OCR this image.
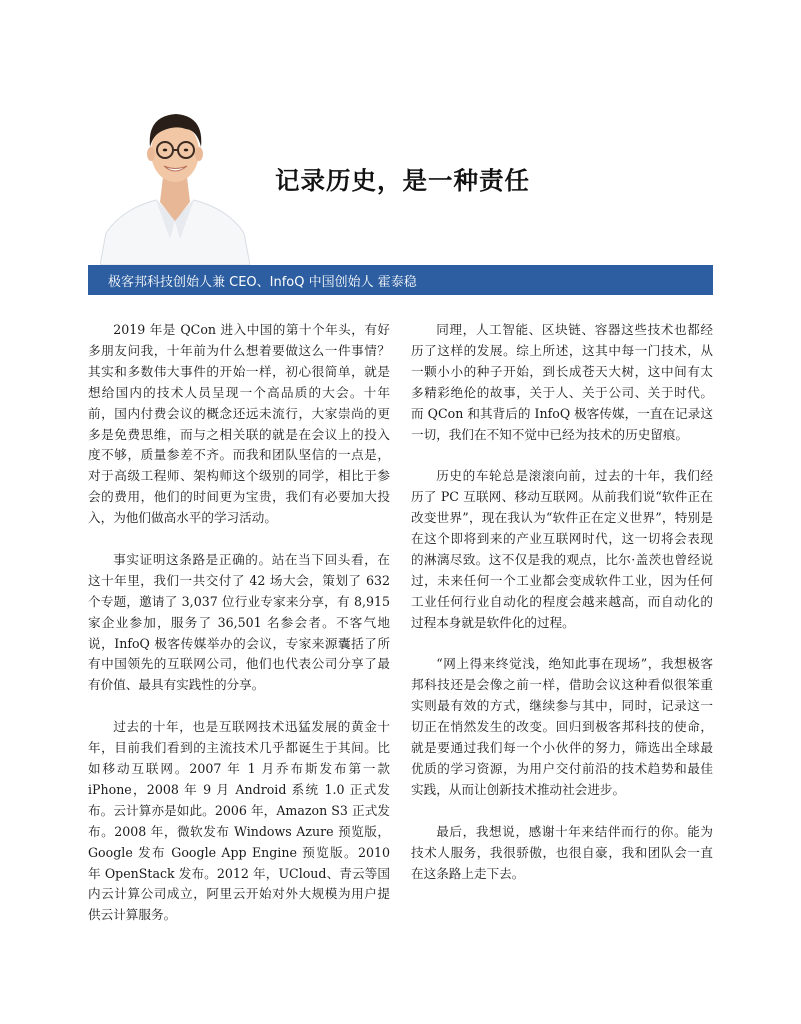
记录历史，是一种责任
极客邦科技创始人兼 CEO、InfoQ 中国创始人 霍泰稳

2019 年是 QCon 进入中国的第十个年头，有好多朋友问我，十年前为什么想着要做这么一件事情？其实和多数伟大事件的开始一样，初心很简单，就是想给国内的技术人员呈现一个高品质的大会。十年前，国内付费会议的概念还远未流行，大家崇尚的更多是免费思维，而与之相关联的就是在会议上的投入度不够，质量参差不齐。而我和团队坚信的一点是，对于高级工程师、架构师这个级别的同学，相比于参会的费用，他们的时间更为宝贵，我们有必要加大投入，为他们做高水平的学习活动。

事实证明这条路是正确的。站在当下回头看，在这十年里，我们一共交付了 42 场大会，策划了 632 个专题，邀请了 3,037 位行业专家来分享，有 8,915 家企业参加，服务了 36,501 名参会者。不客气地说，InfoQ 极客传媒举办的会议，专家来源囊括了所有中国领先的互联网公司，他们也代表公司分享了最有价值、最具有实践性的分享。

过去的十年，也是互联网技术迅猛发展的黄金十年，目前我们看到的主流技术几乎都诞生于其间。比如移动互联网。2007 年 1 月乔布斯发布第一款 iPhone，2008 年 9 月 Android 系统 1.0 正式发布。云计算亦是如此。2006 年，Amazon S3 正式发布。2008 年，微软发布 Windows Azure 预览版，Google 发布 Google App Engine 预览版。2010 年 OpenStack 发布。2012 年，UCloud、青云等国内云计算公司成立，阿里云开始对外大规模为用户提供云计算服务。

同理，人工智能、区块链、容器这些技术也都经历了这样的发展。综上所述，这其中每一门技术，从一颗小小的种子开始，到长成苍天大树，这中间有太多精彩绝伦的故事，关于人、关于公司、关于时代。而 QCon 和其背后的 InfoQ 极客传媒，一直在记录这一切，我们在不知不觉中已经为技术的历史留痕。

历史的车轮总是滚滚向前，过去的十年，我们经历了 PC 互联网、移动互联网。从前我们说“软件正在改变世界”，现在我认为“软件正在定义世界”，特别是在这个即将到来的产业互联网时代，这一切将会表现的淋漓尽致。这不仅是我的观点，比尔·盖茨也曾经说过，未来任何一个工业都会变成软件工业，因为任何工业任何行业自动化的程度会越来越高，而自动化的过程本身就是软件化的过程。

“网上得来终觉浅，绝知此事在现场”，我想极客邦科技还是会像之前一样，借助会议这种看似很笨重实则最有效的方式，继续参与其中，同时，记录这一切正在悄然发生的改变。回归到极客邦科技的使命，就是要通过我们每一个小伙伴的努力，筛选出全球最优质的学习资源，为用户交付前沿的技术趋势和最佳实践，从而让创新技术推动社会进步。

最后，我想说，感谢十年来结伴而行的你。能为技术人服务，我很骄傲，也很自豪，我和团队会一直在这条路上走下去。
